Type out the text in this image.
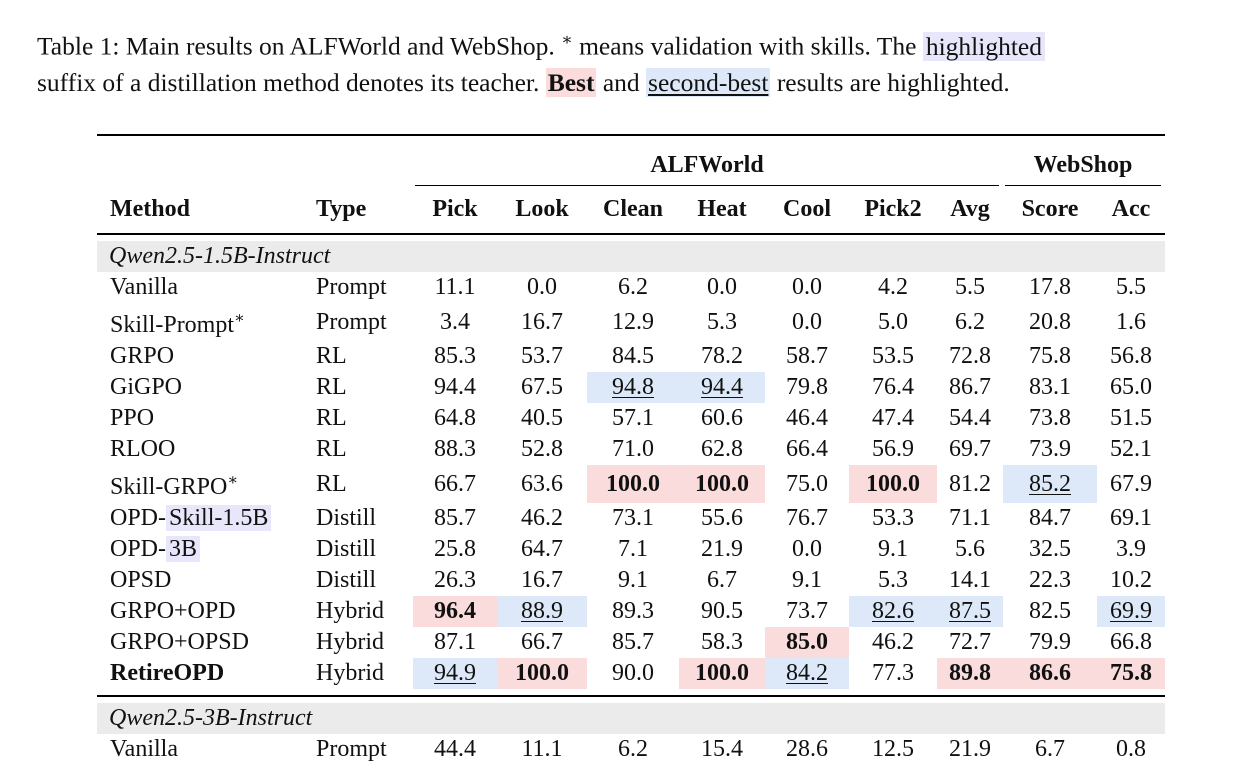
Table 1: Main results on ALFWorld and WebShop. ∗ means validation with skills. The highlighted
suffix of a distillation method denotes its teacher. Best and second-best results are highlighted.

		ALFWorld							WebShop	

Method	Type	Pick	Look	Clean	Heat	Cool	Pick2	Avg	Score	Acc

Qwen2.5-1.5B-Instruct										
Vanilla	Prompt	11.1	0.0	6.2	0.0	0.0	4.2	5.5	17.8	5.5
Skill-Prompt∗	Prompt	3.4	16.7	12.9	5.3	0.0	5.0	6.2	20.8	1.6
GRPO	RL	85.3	53.7	84.5	78.2	58.7	53.5	72.8	75.8	56.8
GiGPO	RL	94.4	67.5	94.8	94.4	79.8	76.4	86.7	83.1	65.0
PPO	RL	64.8	40.5	57.1	60.6	46.4	47.4	54.4	73.8	51.5
RLOO	RL	88.3	52.8	71.0	62.8	66.4	56.9	69.7	73.9	52.1
Skill-GRPO∗	RL	66.7	63.6	100.0	100.0	75.0	100.0	81.2	85.2	67.9
OPD- Skill-1.5B	Distill	85.7	46.2	73.1	55.6	76.7	53.3	71.1	84.7	69.1
OPD- 3B	Distill	25.8	64.7	7.1	21.9	0.0	9.1	5.6	32.5	3.9
OPSD	Distill	26.3	16.7	9.1	6.7	9.1	5.3	14.1	22.3	10.2
GRPO+OPD	Hybrid	96.4	88.9	89.3	90.5	73.7	82.6	87.5	82.5	69.9
GRPO+OPSD	Hybrid	87.1	66.7	85.7	58.3	85.0	46.2	72.7	79.9	66.8
RetireOPD	Hybrid	94.9	100.0	90.0	100.0	84.2	77.3	89.8	86.6	75.8

Qwen2.5-3B-Instruct										
Vanilla	Prompt	44.4	11.1	6.2	15.4	28.6	12.5	21.9	6.7	0.8
